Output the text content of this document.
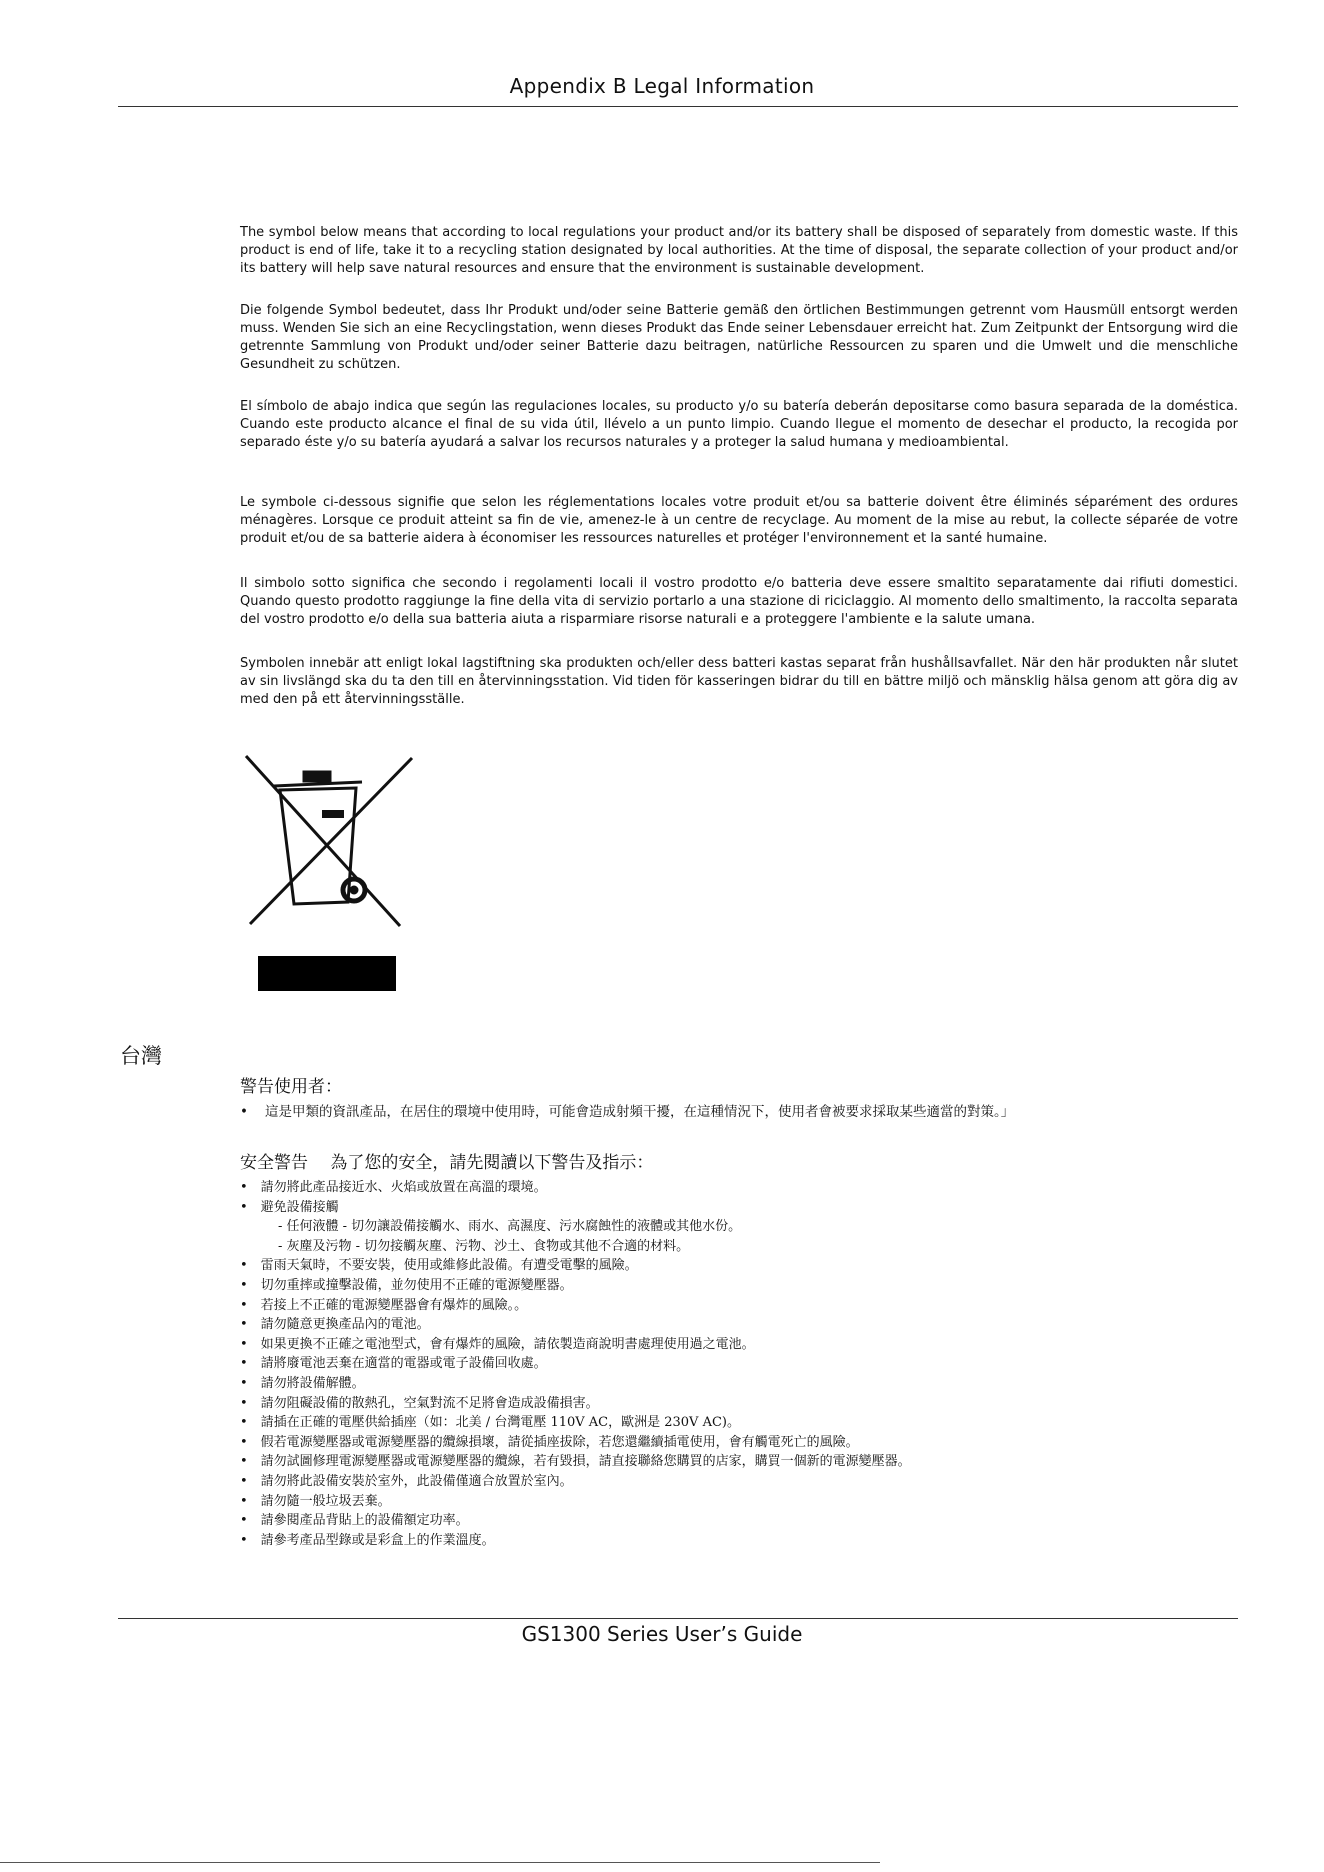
Appendix B Legal Information

The symbol below means that according to local regulations your product and/or its battery shall be disposed of separately from domestic waste. If this product is end of life, take it to a recycling station designated by local authorities. At the time of disposal, the separate collection of your product and/or its battery will help save natural resources and ensure that the environment is sustainable development.

Die folgende Symbol bedeutet, dass Ihr Produkt und/oder seine Batterie gemäß den örtlichen Bestimmungen getrennt vom Hausmüll entsorgt werden muss. Wenden Sie sich an eine Recyclingstation, wenn dieses Produkt das Ende seiner Lebensdauer erreicht hat. Zum Zeitpunkt der Entsorgung wird die getrennte Sammlung von Produkt und/oder seiner Batterie dazu beitragen, natürliche Ressourcen zu sparen und die Umwelt und die menschliche Gesundheit zu schützen.

El símbolo de abajo indica que según las regulaciones locales, su producto y/o su batería deberán depositarse como basura separada de la doméstica. Cuando este producto alcance el final de su vida útil, llévelo a un punto limpio. Cuando llegue el momento de desechar el producto, la recogida por separado éste y/o su batería ayudará a salvar los recursos naturales y a proteger la salud humana y medioambiental.

Le symbole ci-dessous signifie que selon les réglementations locales votre produit et/ou sa batterie doivent être éliminés séparément des ordures ménagères. Lorsque ce produit atteint sa fin de vie, amenez-le à un centre de recyclage. Au moment de la mise au rebut, la collecte séparée de votre produit et/ou de sa batterie aidera à économiser les ressources naturelles et protéger l'environnement et la santé humaine.

Il simbolo sotto significa che secondo i regolamenti locali il vostro prodotto e/o batteria deve essere smaltito separatamente dai rifiuti domestici. Quando questo prodotto raggiunge la fine della vita di servizio portarlo a una stazione di riciclaggio. Al momento dello smaltimento, la raccolta separata del vostro prodotto e/o della sua batteria aiuta a risparmiare risorse naturali e a proteggere l'ambiente e la salute umana.

Symbolen innebär att enligt lokal lagstiftning ska produkten och/eller dess batteri kastas separat från hushållsavfallet. När den här produkten når slutet av sin livslängd ska du ta den till en återvinningsstation. Vid tiden för kasseringen bidrar du till en bättre miljö och mänsklig hälsa genom att göra dig av med den på ett återvinningsställe.

台灣
警告使用者：
• 這是甲類的資訊產品，在居住的環境中使用時，可能會造成射頻干擾，在這種情況下，使用者會被要求採取某些適當的對策。」
安全警告　 為了您的安全，請先閱讀以下警告及指示：
•　請勿將此產品接近水、火焰或放置在高溫的環境。
•　避免設備接觸
- 任何液體 - 切勿讓設備接觸水、雨水、高濕度、污水腐蝕性的液體或其他水份。
- 灰塵及污物 - 切勿接觸灰塵、污物、沙土、食物或其他不合適的材料。
•　雷雨天氣時，不要安裝，使用或維修此設備。有遭受電擊的風險。
•　切勿重摔或撞擊設備，並勿使用不正確的電源變壓器。
•　若接上不正確的電源變壓器會有爆炸的風險。。
•　請勿隨意更換產品內的電池。
•　如果更換不正確之電池型式，會有爆炸的風險，請依製造商說明書處理使用過之電池。
•　請將廢電池丟棄在適當的電器或電子設備回收處。
•　請勿將設備解體。
•　請勿阻礙設備的散熱孔，空氣對流不足將會造成設備損害。
•　請插在正確的電壓供給插座（如：北美 / 台灣電壓 110V AC，歐洲是 230V AC)。
•　假若電源變壓器或電源變壓器的纜線損壞，請從插座拔除，若您還繼續插電使用，會有觸電死亡的風險。
•　請勿試圖修理電源變壓器或電源變壓器的纜線，若有毀損，請直接聯絡您購買的店家，購買一個新的電源變壓器。
•　請勿將此設備安裝於室外，此設備僅適合放置於室內。
•　請勿隨一般垃圾丟棄。
•　請參閱產品背貼上的設備額定功率。
•　請參考產品型錄或是彩盒上的作業溫度。
GS1300 Series User’s Guide
